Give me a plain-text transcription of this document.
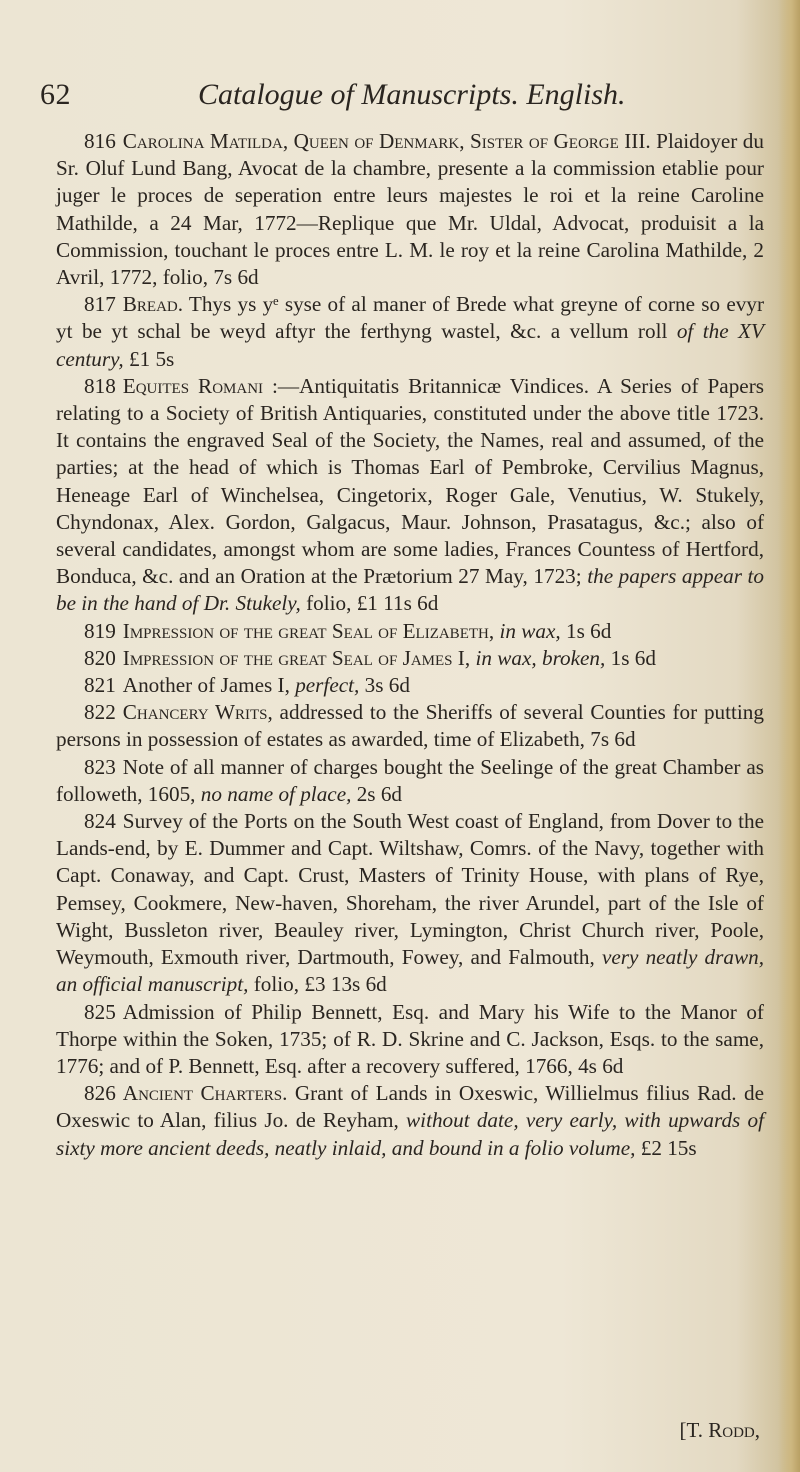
62	Catalogue of Manuscripts. English.

816 Carolina Matilda, Queen of Denmark, Sister of George III. Plaidoyer du Sr. Oluf Lund Bang, Avocat de la chambre, presente a la commission etablie pour juger le proces de seperation entre leurs majestes le roi et la reine Caroline Mathilde, a 24 Mar, 1772—Replique que Mr. Uldal, Advocat, produisit a la Commission, touchant le proces entre L. M. le roy et la reine Carolina Mathilde, 2 Avril, 1772, folio, 7s 6d

817 Bread. Thys ys yᵉ syse of al maner of Brede what greyne of corne so evyr yt be yt schal be weyd aftyr the ferthyng wastel, &c. a vellum roll of the XV century, £1 5s

818 Equites Romani :—Antiquitatis Britannicæ Vindices. A Series of Papers relating to a Society of British Antiquaries, constituted under the above title 1723. It contains the engraved Seal of the Society, the Names, real and assumed, of the parties; at the head of which is Thomas Earl of Pembroke, Cervilius Magnus, Heneage Earl of Winchelsea, Cingetorix, Roger Gale, Venutius, W. Stukely, Chyndonax, Alex. Gordon, Galgacus, Maur. Johnson, Prasatagus, &c.; also of several candidates, amongst whom are some ladies, Frances Countess of Hertford, Bonduca, &c. and an Oration at the Prætorium 27 May, 1723; the papers appear to be in the hand of Dr. Stukely, folio, £1 11s 6d

819 Impression of the great Seal of Elizabeth, in wax, 1s 6d

820 Impression of the great Seal of James I, in wax, broken, 1s 6d

821 Another of James I, perfect, 3s 6d

822 Chancery Writs, addressed to the Sheriffs of several Counties for putting persons in possession of estates as awarded, time of Elizabeth, 7s 6d

823 Note of all manner of charges bought the Seelinge of the great Chamber as followeth, 1605, no name of place, 2s 6d

824 Survey of the Ports on the South West coast of England, from Dover to the Lands-end, by E. Dummer and Capt. Wiltshaw, Comrs. of the Navy, together with Capt. Conaway, and Capt. Crust, Masters of Trinity House, with plans of Rye, Pemsey, Cookmere, New-haven, Shoreham, the river Arundel, part of the Isle of Wight, Bussleton river, Beauley river, Lymington, Christ Church river, Poole, Weymouth, Exmouth river, Dartmouth, Fowey, and Falmouth, very neatly drawn, an official manuscript, folio, £3 13s 6d

825 Admission of Philip Bennett, Esq. and Mary his Wife to the Manor of Thorpe within the Soken, 1735; of R. D. Skrine and C. Jackson, Esqs. to the same, 1776; and of P. Bennett, Esq. after a recovery suffered, 1766, 4s 6d

826 Ancient Charters. Grant of Lands in Oxeswic, Willielmus filius Rad. de Oxeswic to Alan, filius Jo. de Reyham, without date, very early, with upwards of sixty more ancient deeds, neatly inlaid, and bound in a folio volume, £2 15s

[T. Rodd,
